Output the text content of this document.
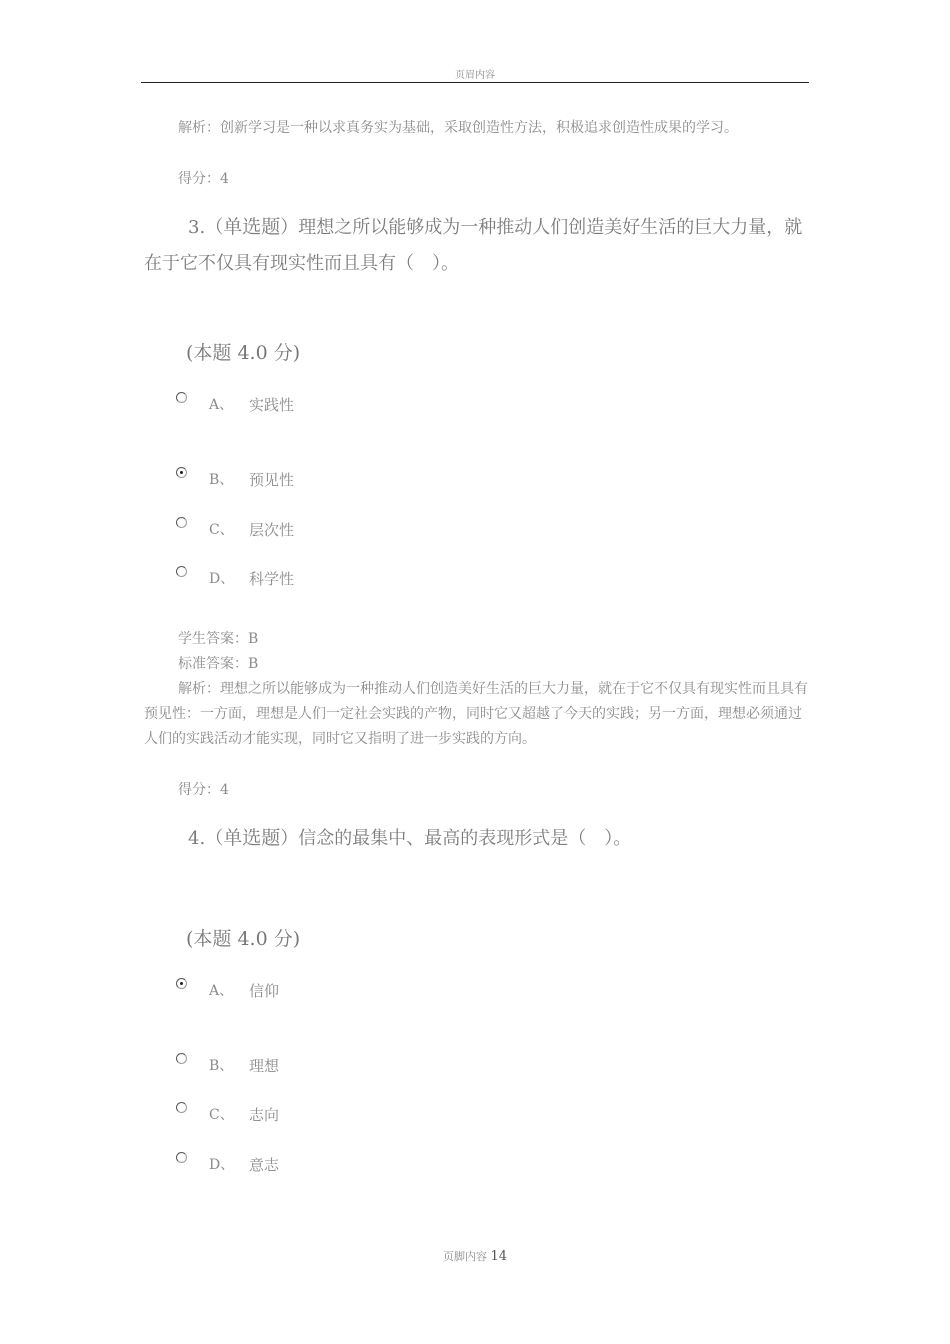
页眉内容
解析：创新学习是一种以求真务实为基础，采取创造性方法，积极追求创造性成果的学习。
得分：4
3.（单选题）理想之所以能够成为一种推动人们创造美好生活的巨大力量，就在于它不仅具有现实性而且具有（　）。
(本题 4.0 分)
A、	实践性
B、	预见性
C、	层次性
D、 科学性
学生答案：B
标准答案：B
解析：理想之所以能够成为一种推动人们创造美好生活的巨大力量，就在于它不仅具有现实性而且具有预见性：一方面，理想是人们一定社会实践的产物，同时它又超越了今天的实践；另一方面，理想必须通过人们的实践活动才能实现，同时它又指明了进一步实践的方向。
得分：4
4.（单选题）信念的最集中、最高的表现形式是（　）。
(本题 4.0 分)
A、	信仰
B、	理想
C、	志向
D、 意志
页脚内容 14
